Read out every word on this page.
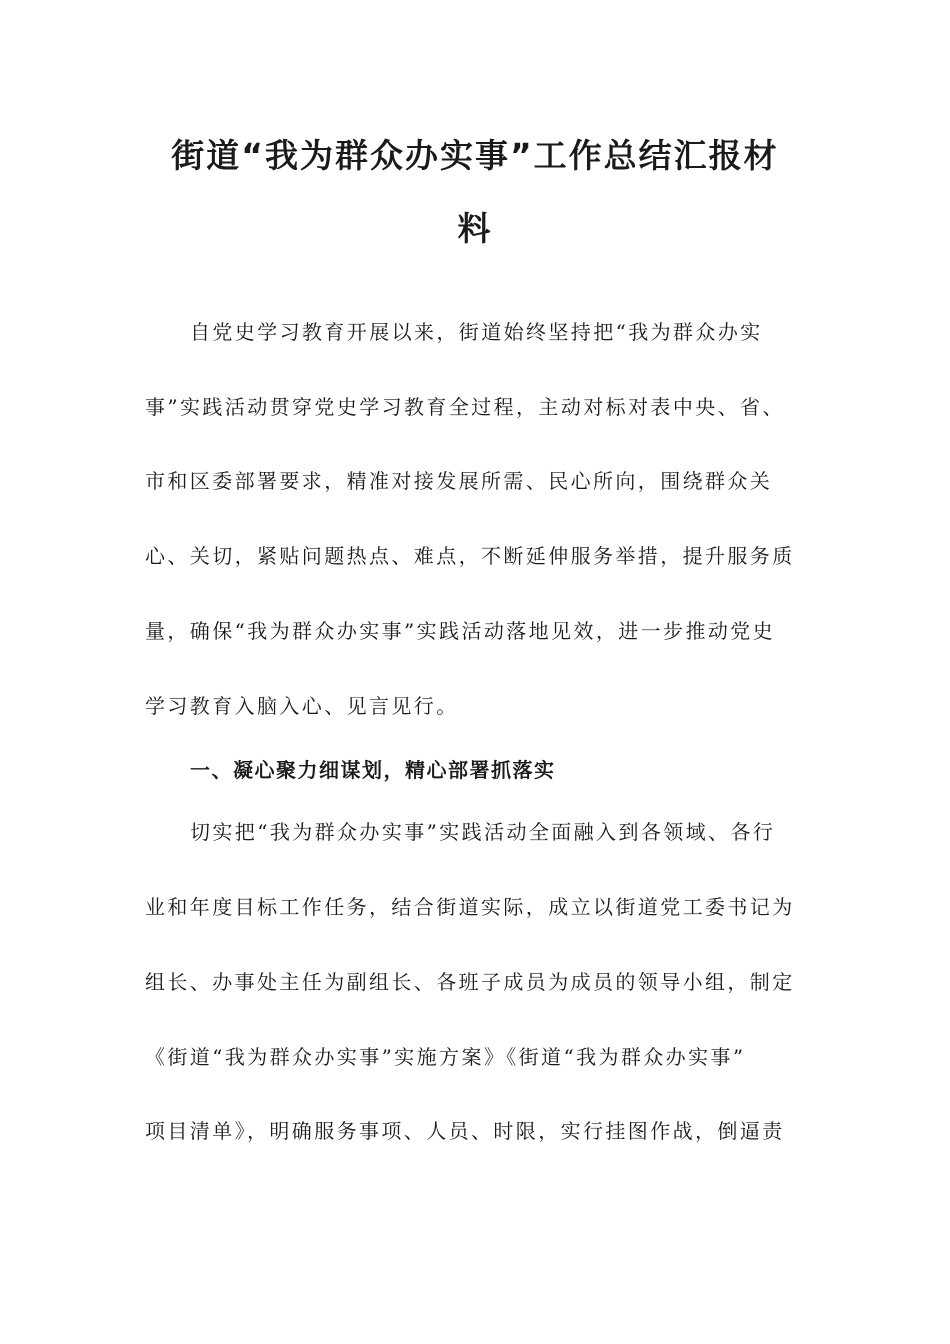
街道“我为群众办实事”工作总结汇报材
料

自党史学习教育开展以来，街道始终坚持把“我为群众办实

事”实践活动贯穿党史学习教育全过程，主动对标对表中央、省、

市和区委部署要求，精准对接发展所需、民心所向，围绕群众关

心、关切，紧贴问题热点、难点，不断延伸服务举措，提升服务质

量，确保“我为群众办实事”实践活动落地见效，进一步推动党史

学习教育入脑入心、见言见行。

一、凝心聚力细谋划，精心部署抓落实

切实把“我为群众办实事”实践活动全面融入到各领域、各行

业和年度目标工作任务，结合街道实际，成立以街道党工委书记为

组长、办事处主任为副组长、各班子成员为成员的领导小组，制定

《街道“我为群众办实事”实施方案》《街道“我为群众办实事”

项目清单》，明确服务事项、人员、时限，实行挂图作战，倒逼责
